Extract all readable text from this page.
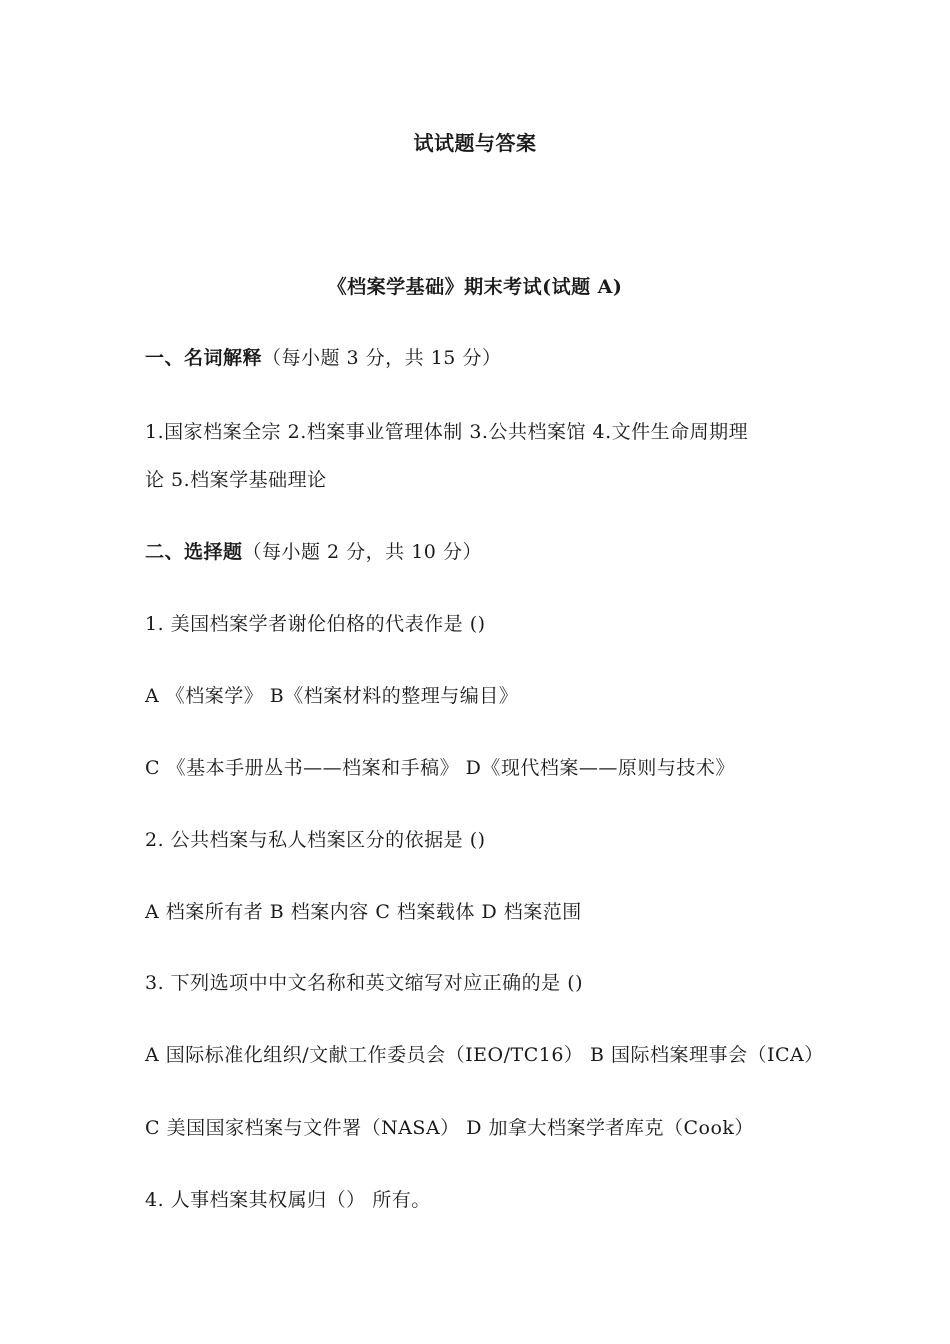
试试题与答案
《档案学基础》期末考试(试题 A)
一、名词解释（每小题 3 分，共 15 分）
1.国家档案全宗 2.档案事业管理体制 3.公共档案馆 4.文件生命周期理
论 5.档案学基础理论
二、选择题（每小题 2 分，共 10 分）
1. 美国档案学者谢伦伯格的代表作是 ()
A 《档案学》 B《档案材料的整理与编目》
C 《基本手册丛书——档案和手稿》 D《现代档案——原则与技术》
2. 公共档案与私人档案区分的依据是 ()
A 档案所有者 B 档案内容 C 档案载体 D 档案范围
3. 下列选项中中文名称和英文缩写对应正确的是 ()
A 国际标准化组织/文献工作委员会（IEO/TC16） B 国际档案理事会（ICA）
C 美国国家档案与文件署（NASA） D 加拿大档案学者库克（Cook）
4. 人事档案其权属归（） 所有。
